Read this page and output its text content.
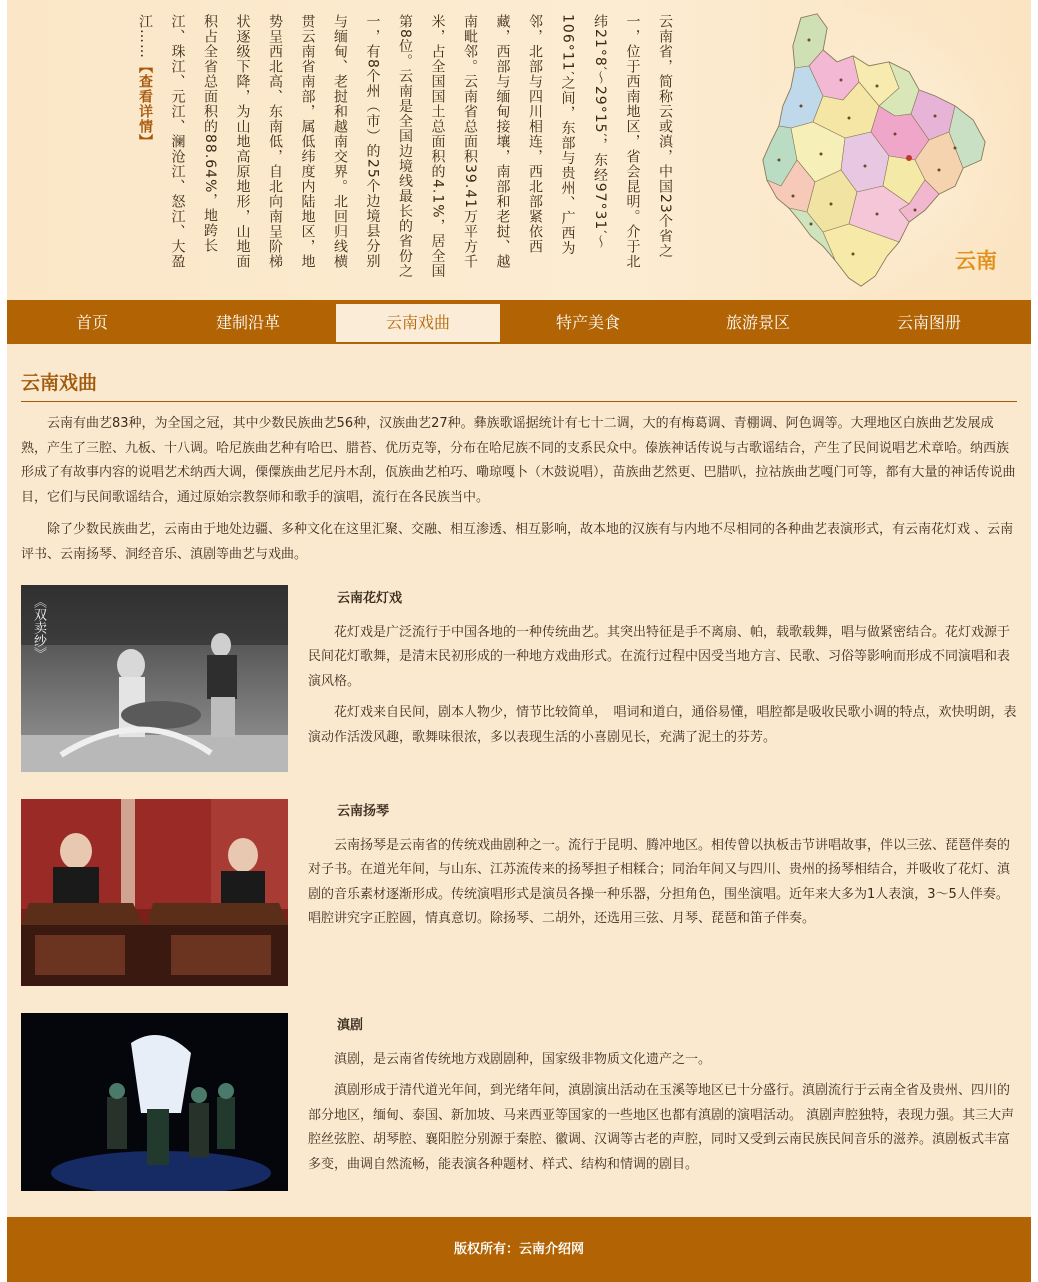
云南省，简称云或滇，中国23个省之一，位于西南地区，省会昆明。介于北纬21°8′～29°15′，东经97°31′～106°11′之间，东部与贵州、广西为邻，北部与四川相连，西北部紧依西藏，西部与缅甸接壤，南部和老挝、越南毗邻。云南省总面积39.41万平方千米，占全国国土总面积的4.1%，居全国第8位。云南是全国边境线最长的省份之一，有8个州（市）的25个边境县分别与缅甸、老挝和越南交界。北回归线横贯云南省南部，属低纬度内陆地区，地势呈西北高、东南低，自北向南呈阶梯状逐级下降，为山地高原地形，山地面积占全省总面积的88.64%，地跨长江、珠江、元江、澜沧江、怒江、大盈江……【查看详情】
云南
首页	建制沿革	云南戏曲	特产美食	旅游景区	云南图册
云南戏曲

云南有曲艺83种，为全国之冠，其中少数民族曲艺56种，汉族曲艺27种。彝族歌谣据统计有七十二调，大的有梅葛调、青棚调、阿色调等。大理地区白族曲艺发展成熟，产生了三腔、九板、十八调。哈尼族曲艺种有哈巴、腊苔、优历克等，分布在哈尼族不同的支系民众中。傣族神话传说与古歌谣结合，产生了民间说唱艺术章哈。纳西族形成了有故事内容的说唱艺术纳西大调，傈僳族曲艺尼丹木刮，佤族曲艺柏巧、嘞琼嘎卜（木鼓说唱），苗族曲艺然更、巴腊叭，拉祜族曲艺嘎门可等，都有大量的神话传说曲目，它们与民间歌谣结合，通过原始宗教祭师和歌手的演唱，流行在各民族当中。

除了少数民族曲艺，云南由于地处边疆、多种文化在这里汇聚、交融、相互渗透、相互影响，故本地的汉族有与内地不尽相同的各种曲艺表演形式，有云南花灯戏 、云南评书、云南扬琴、洞经音乐、滇剧等曲艺与戏曲。

《双卖纱》	云南花灯戏

花灯戏是广泛流行于中国各地的一种传统曲艺。其突出特征是手不离扇、帕，载歌载舞，唱与做紧密结合。花灯戏源于民间花灯歌舞，是清末民初形成的一种地方戏曲形式。在流行过程中因受当地方言、民歌、习俗等影响而形成不同演唱和表演风格。

花灯戏来自民间，剧本人物少，情节比较简单，　唱词和道白，通俗易懂，唱腔都是吸收民歌小调的特点，欢快明朗，表演动作活泼风趣，歌舞味很浓，多以表现生活的小喜剧见长，充满了泥土的芬芳。

云南扬琴

云南扬琴是云南省的传统戏曲剧种之一。流行于昆明、腾冲地区。相传曾以执板击节讲唱故事，伴以三弦、琵琶伴奏的对子书。在道光年间，与山东、江苏流传来的扬琴担子相糅合；同治年间又与四川、贵州的扬琴相结合，并吸收了花灯、滇剧的音乐素材逐渐形成。传统演唱形式是演员各操一种乐器，分担角色，围坐演唱。近年来大多为1人表演，3～5人伴奏。唱腔讲究字正腔圆，情真意切。除扬琴、二胡外，还选用三弦、月琴、琵琶和笛子伴奏。

滇剧

滇剧，是云南省传统地方戏剧剧种，国家级非物质文化遗产之一。

滇剧形成于清代道光年间，到光绪年间，滇剧演出活动在玉溪等地区已十分盛行。滇剧流行于云南全省及贵州、四川的部分地区，缅甸、泰国、新加坡、马来西亚等国家的一些地区也都有滇剧的演唱活动。 滇剧声腔独特，表现力强。其三大声腔丝弦腔、胡琴腔、襄阳腔分别源于秦腔、徽调、汉调等古老的声腔，同时又受到云南民族民间音乐的滋养。滇剧板式丰富多变，曲调自然流畅，能表演各种题材、样式、结构和情调的剧目。

版权所有：云南介绍网
